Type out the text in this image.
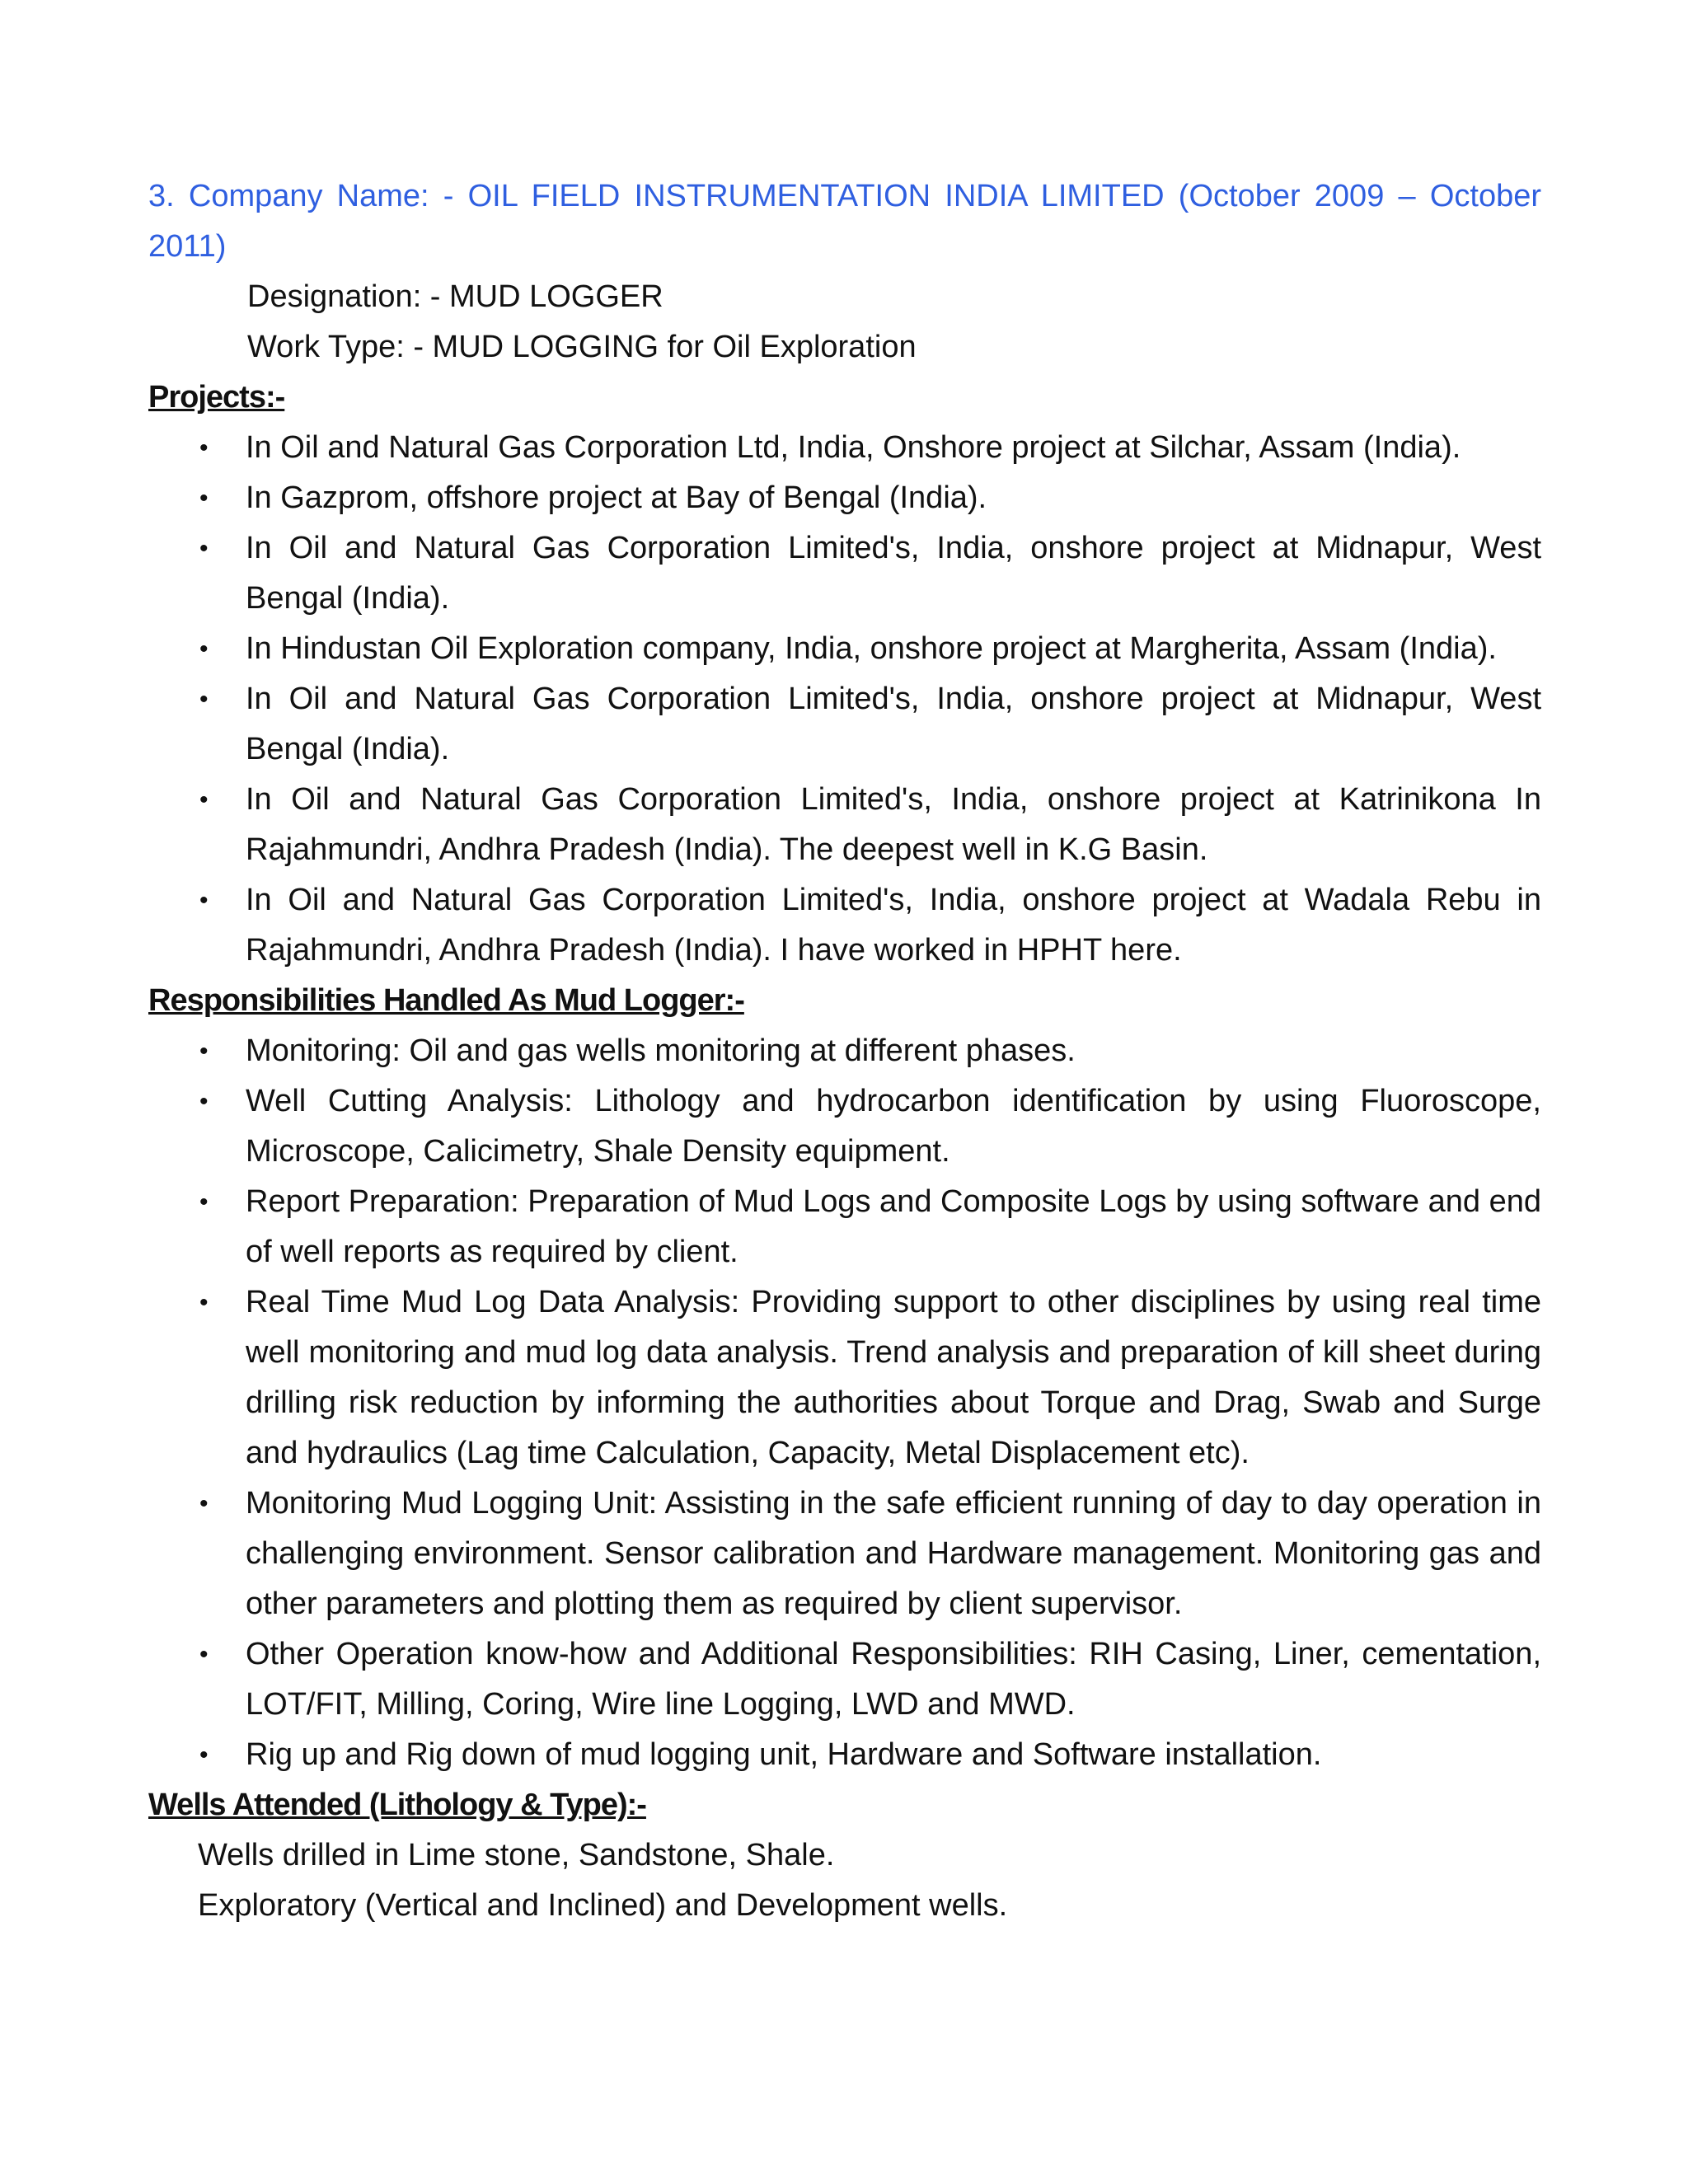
3. Company Name: - OIL FIELD INSTRUMENTATION INDIA LIMITED (October 2009 – October 2011)

Designation: - MUD LOGGER

Work Type: - MUD LOGGING for Oil Exploration

Projects:-

•	In Oil and Natural Gas Corporation Ltd, India, Onshore project at Silchar, Assam (India).
•	In Gazprom, offshore project at Bay of Bengal (India).
•	In Oil and Natural Gas Corporation Limited's, India, onshore project at Midnapur, West Bengal (India).
•	In Hindustan Oil Exploration company, India, onshore project at Margherita, Assam (India).
•	In Oil and Natural Gas Corporation Limited's, India, onshore project at Midnapur, West Bengal (India).
•	In Oil and Natural Gas Corporation Limited's, India, onshore project at Katrinikona In Rajahmundri, Andhra Pradesh (India). The deepest well in K.G Basin.
•	In Oil and Natural Gas Corporation Limited's, India, onshore project at Wadala Rebu in Rajahmundri, Andhra Pradesh (India). I have worked in HPHT here.

Responsibilities Handled As Mud Logger:-

•	Monitoring: Oil and gas wells monitoring at different phases.
•	Well Cutting Analysis: Lithology and hydrocarbon identification by using Fluoroscope, Microscope, Calicimetry, Shale Density equipment.
•	Report Preparation: Preparation of Mud Logs and Composite Logs by using software and end of well reports as required by client.
•	Real Time Mud Log Data Analysis: Providing support to other disciplines by using real time well monitoring and mud log data analysis. Trend analysis and preparation of kill sheet during drilling risk reduction by informing the authorities about Torque and Drag, Swab and Surge and hydraulics (Lag time Calculation, Capacity, Metal Displacement etc).
•	Monitoring Mud Logging Unit: Assisting in the safe efficient running of day to day operation in challenging environment. Sensor calibration and Hardware management. Monitoring gas and other parameters and plotting them as required by client supervisor.
•	Other Operation know-how and Additional Responsibilities: RIH Casing, Liner, cementation, LOT/FIT, Milling, Coring, Wire line Logging, LWD and MWD.
•	Rig up and Rig down of mud logging unit, Hardware and Software installation.

Wells Attended (Lithology & Type):-

Wells drilled in Lime stone, Sandstone, Shale.

Exploratory (Vertical and Inclined) and Development wells.
